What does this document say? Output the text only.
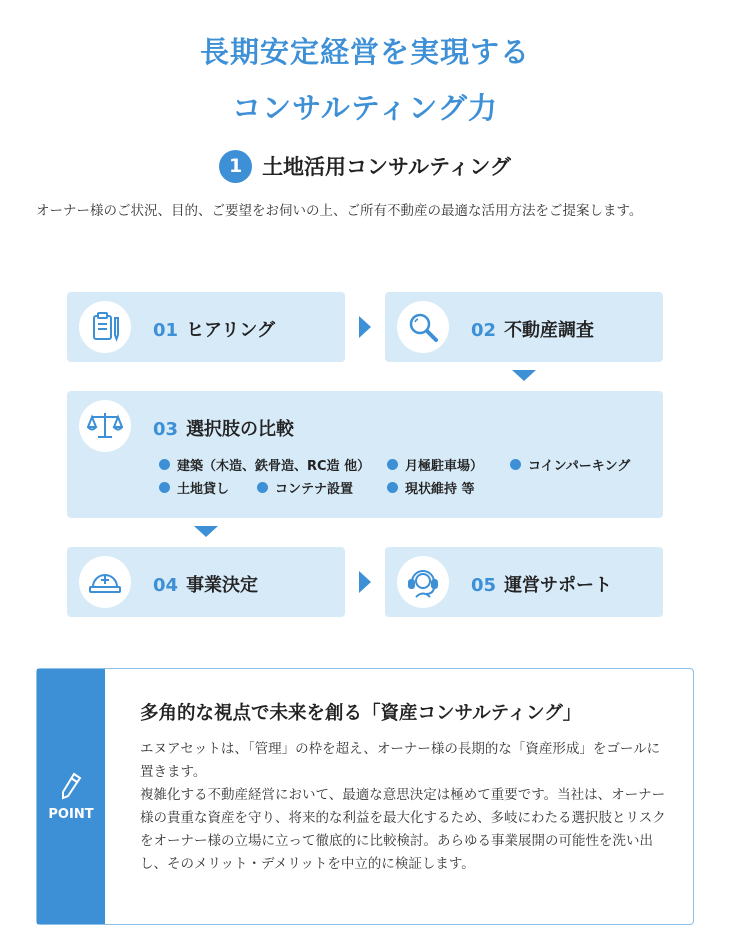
長期安定経営を実現する
コンサルティング力
1 土地活用コンサルティング

オーナー様のご状況、目的、ご要望をお伺いの上、ご所有不動産の最適な活用方法をご提案します。

01 ヒアリング	02 不動産調査
03 選択肢の比較
建築（木造、鉄骨造、RC造 他）	月極駐車場）	コインパーキング
土地貸し	コンテナ設置	現状維持 等
04 事業決定	05 運営サポート
POINT
多角的な視点で未来を創る「資産コンサルティング」

エヌアセットは、「管理」の枠を超え、オーナー様の長期的な「資産形成」をゴールに置きます。

複雑化する不動産経営において、最適な意思決定は極めて重要です。当社は、オーナー様の貴重な資産を守り、将来的な利益を最大化するため、多岐にわたる選択肢とリスクをオーナー様の立場に立って徹底的に比較検討。あらゆる事業展開の可能性を洗い出し、そのメリット・デメリットを中立的に検証します。
